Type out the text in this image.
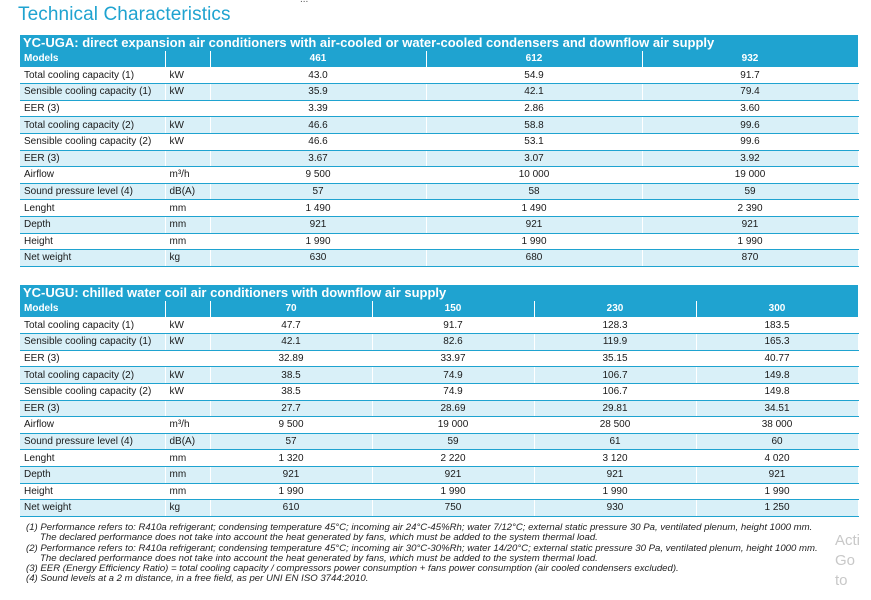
Technical Characteristics
YC-UGA: direct expansion air conditioners with air-cooled or water-cooled condensers and downflow air supply
Models		461	612	932
Total cooling capacity (1)	kW	43.0	54.9	91.7
Sensible cooling capacity (1)	kW	35.9	42.1	79.4
EER (3)		3.39	2.86	3.60
Total cooling capacity (2)	kW	46.6	58.8	99.6
Sensible cooling capacity (2)	kW	46.6	53.1	99.6
EER (3)		3.67	3.07	3.92
Airflow	m³/h	9 500	10 000	19 000
Sound pressure level (4)	dB(A)	57	58	59
Lenght	mm	1 490	1 490	2 390
Depth	mm	921	921	921
Height	mm	1 990	1 990	1 990
Net weight	kg	630	680	870
YC-UGU: chilled water coil air conditioners with downflow air supply
Models		70	150	230	300
Total cooling capacity (1)	kW	47.7	91.7	128.3	183.5
Sensible cooling capacity (1)	kW	42.1	82.6	119.9	165.3
EER (3)		32.89	33.97	35.15	40.77
Total cooling capacity (2)	kW	38.5	74.9	106.7	149.8
Sensible cooling capacity (2)	kW	38.5	74.9	106.7	149.8
EER (3)		27.7	28.69	29.81	34.51
Airflow	m³/h	9 500	19 000	28 500	38 000
Sound pressure level (4)	dB(A)	57	59	61	60
Lenght	mm	1 320	2 220	3 120	4 020
Depth	mm	921	921	921	921
Height	mm	1 990	1 990	1 990	1 990
Net weight	kg	610	750	930	1 250
(1) Performance refers to: R410a refrigerant; condensing temperature 45°C; incoming air 24°C-45%Rh; water 7/12°C; external static pressure 30 Pa, ventilated plenum, height 1000 mm.
The declared performance does not take into account the heat generated by fans, which must be added to the system thermal load.
(2) Performance refers to: R410a refrigerant; condensing temperature 45°C; incoming air 30°C-30%Rh; water 14/20°C; external static pressure 30 Pa, ventilated plenum, height 1000 mm.
The declared performance does not take into account the heat generated by fans, which must be added to the system thermal load.
(3) EER (Energy Efficiency Ratio) = total cooling capacity / compressors power consumption + fans power consumption (air cooled condensers excluded).
(4) Sound levels at a 2 m distance, in a free field, as per UNI EN ISO 3744:2010.
Acti
Go to
